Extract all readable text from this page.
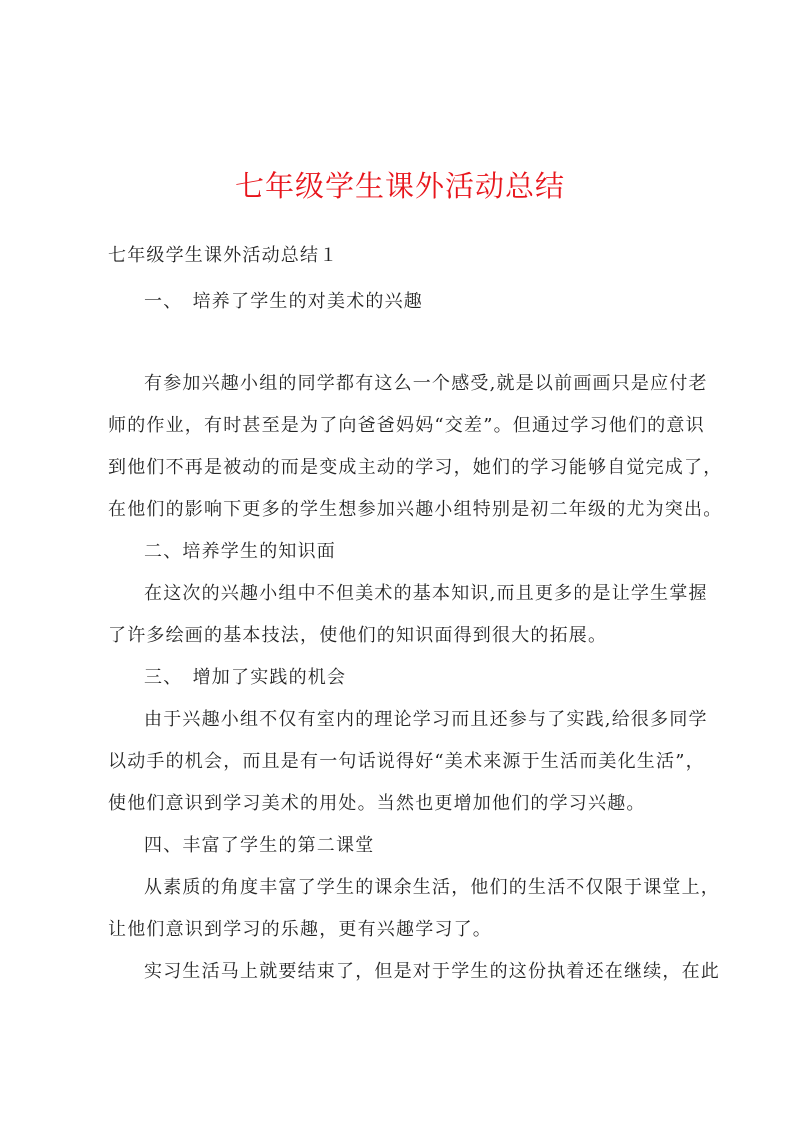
七年级学生课外活动总结
七年级学生课外活动总结１
一、　培养了学生的对美术的兴趣
有参加兴趣小组的同学都有这么一个感受,就是以前画画只是应付老
师的作业，有时甚至是为了向爸爸妈妈“交差”。但通过学习他们的意识
到他们不再是被动的而是变成主动的学习，她们的学习能够自觉完成了，
在他们的影响下更多的学生想参加兴趣小组特别是初二年级的尤为突出。
二、培养学生的知识面
在这次的兴趣小组中不但美术的基本知识,而且更多的是让学生掌握
了许多绘画的基本技法，使他们的知识面得到很大的拓展。
三、　增加了实践的机会
由于兴趣小组不仅有室内的理论学习而且还参与了实践,给很多同学
以动手的机会，而且是有一句话说得好“美术来源于生活而美化生活”，
使他们意识到学习美术的用处。当然也更增加他们的学习兴趣。
四、丰富了学生的第二课堂
从素质的角度丰富了学生的课余生活，他们的生活不仅限于课堂上，
让他们意识到学习的乐趣，更有兴趣学习了。
实习生活马上就要结束了，但是对于学生的这份执着还在继续，在此
